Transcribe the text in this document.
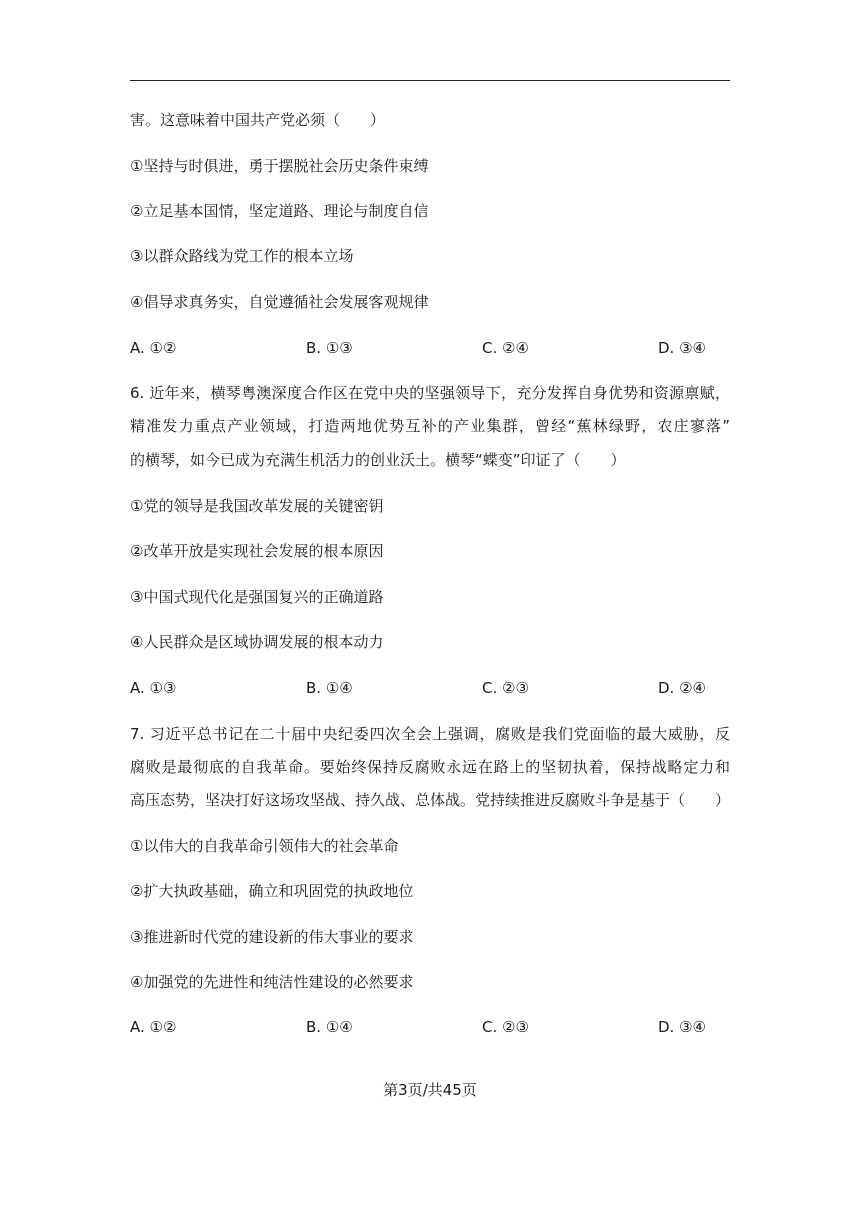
害。这意味着中国共产党必须（　　）
①坚持与时俱进，勇于摆脱社会历史条件束缚
②立足基本国情，坚定道路、理论与制度自信
③以群众路线为党工作的根本立场
④倡导求真务实，自觉遵循社会发展客观规律
A. ①②	B. ①③	C. ②④	D. ③④
6. 近年来，横琴粤澳深度合作区在党中央的坚强领导下，充分发挥自身优势和资源禀赋，
精准发力重点产业领域，打造两地优势互补的产业集群，曾经“蕉林绿野，农庄寥落”
的横琴，如今已成为充满生机活力的创业沃土。横琴“蝶变”印证了（　　）
①党的领导是我国改革发展的关键密钥
②改革开放是实现社会发展的根本原因
③中国式现代化是强国复兴的正确道路
④人民群众是区域协调发展的根本动力
A. ①③	B. ①④	C. ②③	D. ②④
7. 习近平总书记在二十届中央纪委四次全会上强调，腐败是我们党面临的最大威胁，反
腐败是最彻底的自我革命。要始终保持反腐败永远在路上的坚韧执着，保持战略定力和
高压态势，坚决打好这场攻坚战、持久战、总体战。党持续推进反腐败斗争是基于（　　）
①以伟大的自我革命引领伟大的社会革命
②扩大执政基础，确立和巩固党的执政地位
③推进新时代党的建设新的伟大事业的要求
④加强党的先进性和纯洁性建设的必然要求
A. ①②	B. ①④	C. ②③	D. ③④
第3页/共45页
